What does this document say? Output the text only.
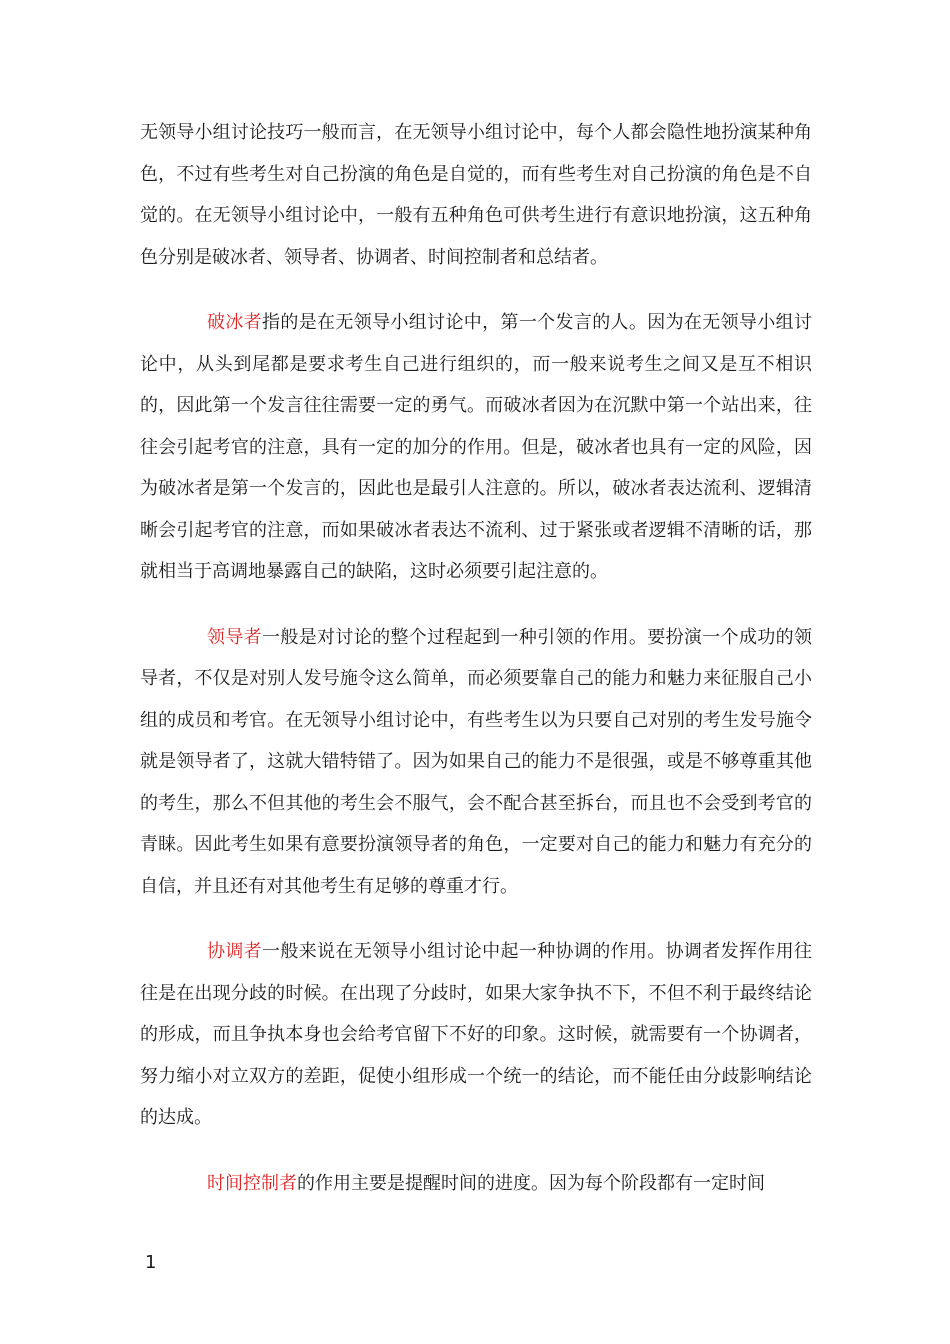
无领导小组讨论技巧一般而言，在无领导小组讨论中，每个人都会隐性地扮演某种角色，不过有些考生对自己扮演的角色是自觉的，而有些考生对自己扮演的角色是不自觉的。在无领导小组讨论中，一般有五种角色可供考生进行有意识地扮演，这五种角色分别是破冰者、领导者、协调者、时间控制者和总结者。

破冰者指的是在无领导小组讨论中，第一个发言的人。因为在无领导小组讨论中，从头到尾都是要求考生自己进行组织的，而一般来说考生之间又是互不相识的，因此第一个发言往往需要一定的勇气。而破冰者因为在沉默中第一个站出来，往往会引起考官的注意，具有一定的加分的作用。但是，破冰者也具有一定的风险，因为破冰者是第一个发言的，因此也是最引人注意的。所以，破冰者表达流利、逻辑清晰会引起考官的注意，而如果破冰者表达不流利、过于紧张或者逻辑不清晰的话，那就相当于高调地暴露自己的缺陷，这时必须要引起注意的。

领导者一般是对讨论的整个过程起到一种引领的作用。要扮演一个成功的领导者，不仅是对别人发号施令这么简单，而必须要靠自己的能力和魅力来征服自己小组的成员和考官。在无领导小组讨论中，有些考生以为只要自己对别的考生发号施令就是领导者了，这就大错特错了。因为如果自己的能力不是很强，或是不够尊重其他的考生，那么不但其他的考生会不服气，会不配合甚至拆台，而且也不会受到考官的青睐。因此考生如果有意要扮演领导者的角色，一定要对自己的能力和魅力有充分的自信，并且还有对其他考生有足够的尊重才行。

协调者一般来说在无领导小组讨论中起一种协调的作用。协调者发挥作用往往是在出现分歧的时候。在出现了分歧时，如果大家争执不下，不但不利于最终结论的形成，而且争执本身也会给考官留下不好的印象。这时候，就需要有一个协调者，努力缩小对立双方的差距，促使小组形成一个统一的结论，而不能任由分歧影响结论的达成。

时间控制者的作用主要是提醒时间的进度。因为每个阶段都有一定时间

1
